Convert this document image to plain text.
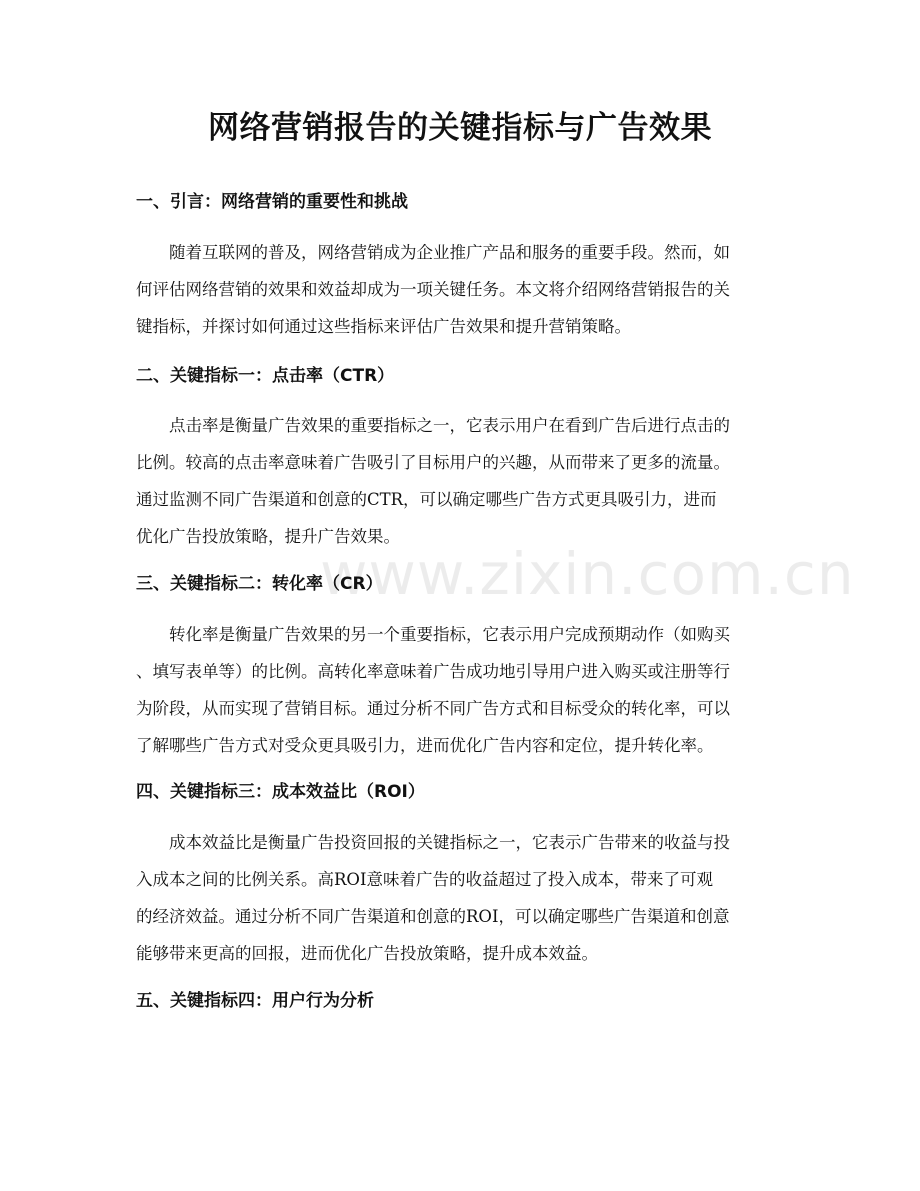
www.zixin.com.cn
网络营销报告的关键指标与广告效果
一、引言：网络营销的重要性和挑战
随着互联网的普及，网络营销成为企业推广产品和服务的重要手段。然而，如
何评估网络营销的效果和效益却成为一项关键任务。本文将介绍网络营销报告的关
键指标，并探讨如何通过这些指标来评估广告效果和提升营销策略。
二、关键指标一：点击率（CTR）
点击率是衡量广告效果的重要指标之一，它表示用户在看到广告后进行点击的
比例。较高的点击率意味着广告吸引了目标用户的兴趣，从而带来了更多的流量。
通过监测不同广告渠道和创意的CTR，可以确定哪些广告方式更具吸引力，进而
优化广告投放策略，提升广告效果。
三、关键指标二：转化率（CR）
转化率是衡量广告效果的另一个重要指标，它表示用户完成预期动作（如购买
、填写表单等）的比例。高转化率意味着广告成功地引导用户进入购买或注册等行
为阶段，从而实现了营销目标。通过分析不同广告方式和目标受众的转化率，可以
了解哪些广告方式对受众更具吸引力，进而优化广告内容和定位，提升转化率。
四、关键指标三：成本效益比（ROI）
成本效益比是衡量广告投资回报的关键指标之一，它表示广告带来的收益与投
入成本之间的比例关系。高ROI意味着广告的收益超过了投入成本，带来了可观
的经济效益。通过分析不同广告渠道和创意的ROI，可以确定哪些广告渠道和创意
能够带来更高的回报，进而优化广告投放策略，提升成本效益。
五、关键指标四：用户行为分析
